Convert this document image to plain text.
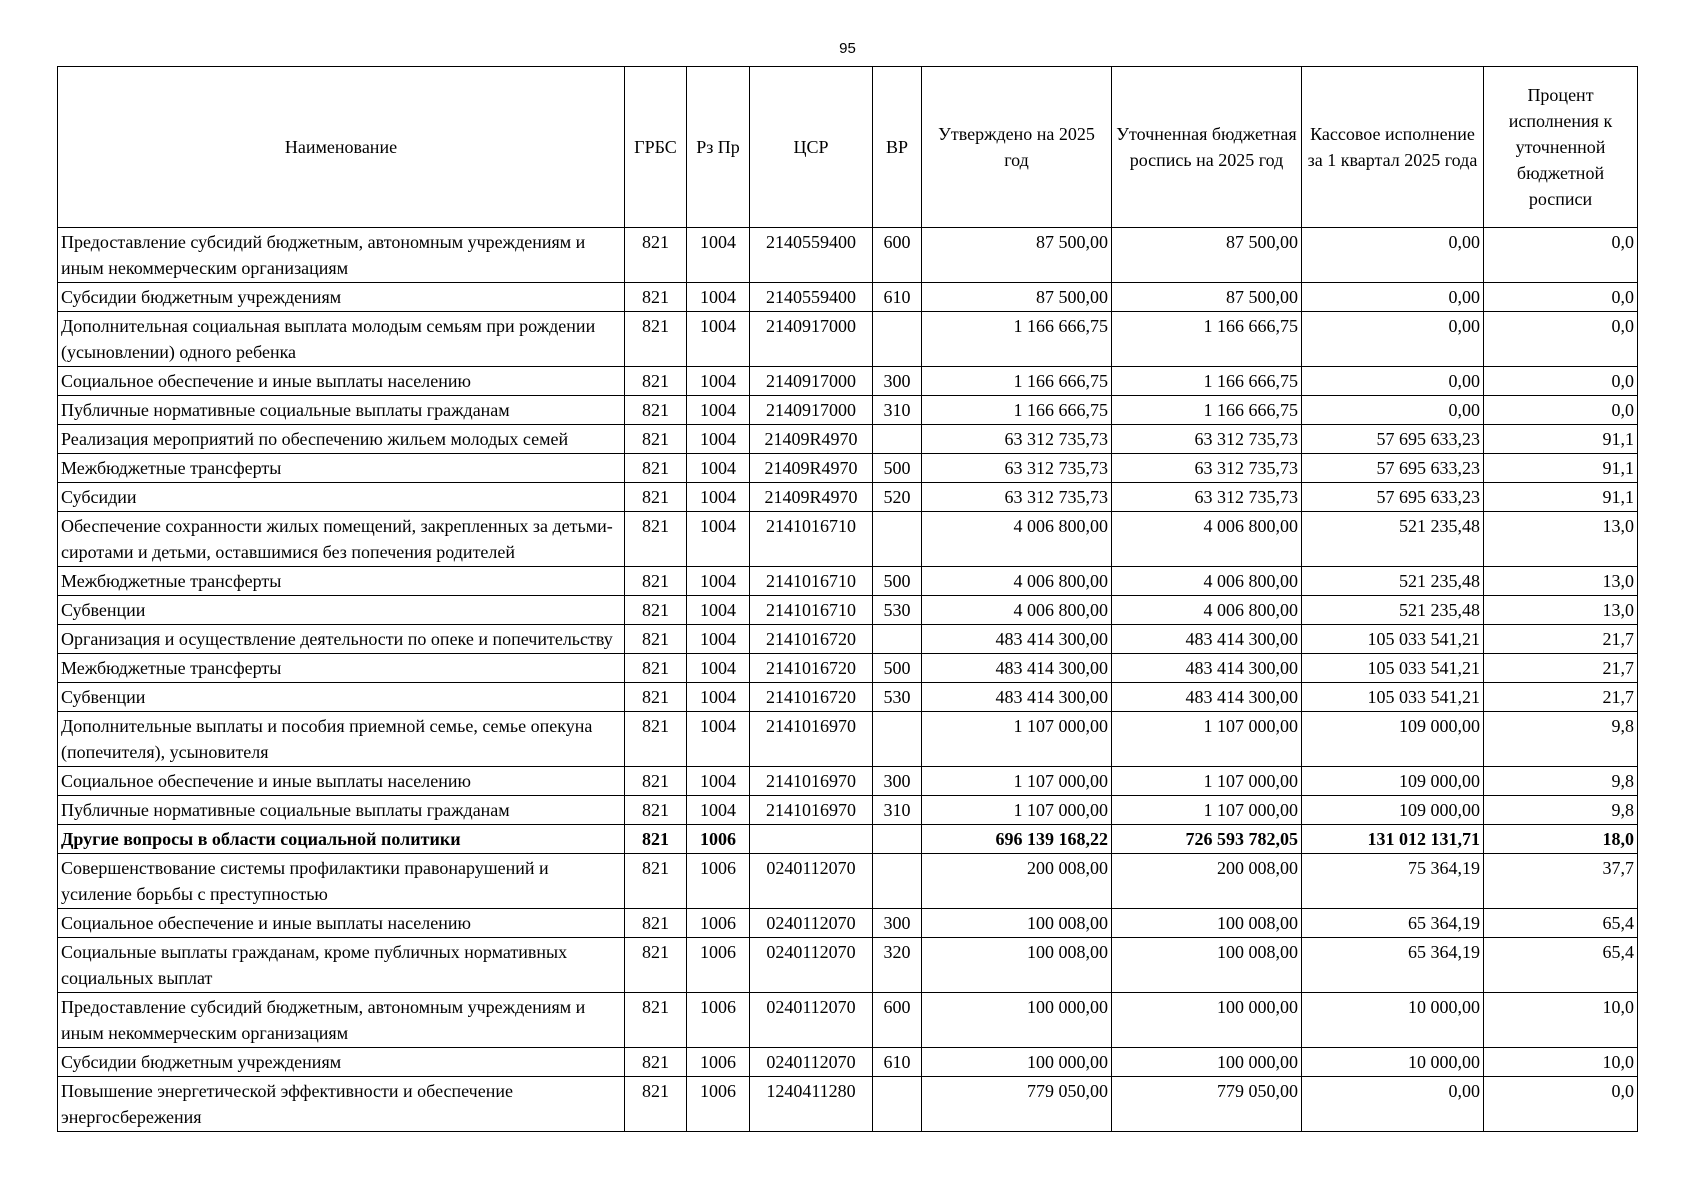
95
Наименование	ГРБС	Рз Пр	ЦСР	ВР	Утверждено на 2025 год	Уточненная бюджетная роспись на 2025 год	Кассовое исполнение за 1 квартал 2025 года	Процент исполнения к уточненной бюджетной росписи
Предоставление субсидий бюджетным, автономным учреждениям и иным некоммерческим организациям	821	1004	2140559400	600	87 500,00	87 500,00	0,00	0,0
Субсидии бюджетным учреждениям	821	1004	2140559400	610	87 500,00	87 500,00	0,00	0,0
Дополнительная социальная выплата молодым семьям при рождении (усыновлении) одного ребенка	821	1004	2140917000		1 166 666,75	1 166 666,75	0,00	0,0
Социальное обеспечение и иные выплаты населению	821	1004	2140917000	300	1 166 666,75	1 166 666,75	0,00	0,0
Публичные нормативные социальные выплаты гражданам	821	1004	2140917000	310	1 166 666,75	1 166 666,75	0,00	0,0
Реализация мероприятий по обеспечению жильем молодых семей	821	1004	21409R4970		63 312 735,73	63 312 735,73	57 695 633,23	91,1
Межбюджетные трансферты	821	1004	21409R4970	500	63 312 735,73	63 312 735,73	57 695 633,23	91,1
Субсидии	821	1004	21409R4970	520	63 312 735,73	63 312 735,73	57 695 633,23	91,1
Обеспечение сохранности жилых помещений, закрепленных за детьми-сиротами и детьми, оставшимися без попечения родителей	821	1004	2141016710		4 006 800,00	4 006 800,00	521 235,48	13,0
Межбюджетные трансферты	821	1004	2141016710	500	4 006 800,00	4 006 800,00	521 235,48	13,0
Субвенции	821	1004	2141016710	530	4 006 800,00	4 006 800,00	521 235,48	13,0
Организация и осуществление деятельности по опеке и попечительству	821	1004	2141016720		483 414 300,00	483 414 300,00	105 033 541,21	21,7
Межбюджетные трансферты	821	1004	2141016720	500	483 414 300,00	483 414 300,00	105 033 541,21	21,7
Субвенции	821	1004	2141016720	530	483 414 300,00	483 414 300,00	105 033 541,21	21,7
Дополнительные выплаты и пособия приемной семье, семье опекуна (попечителя), усыновителя	821	1004	2141016970		1 107 000,00	1 107 000,00	109 000,00	9,8
Социальное обеспечение и иные выплаты населению	821	1004	2141016970	300	1 107 000,00	1 107 000,00	109 000,00	9,8
Публичные нормативные социальные выплаты гражданам	821	1004	2141016970	310	1 107 000,00	1 107 000,00	109 000,00	9,8
Другие вопросы в области социальной политики	821	1006			696 139 168,22	726 593 782,05	131 012 131,71	18,0
Совершенствование системы профилактики правонарушений и усиление борьбы с преступностью	821	1006	0240112070		200 008,00	200 008,00	75 364,19	37,7
Социальное обеспечение и иные выплаты населению	821	1006	0240112070	300	100 008,00	100 008,00	65 364,19	65,4
Социальные выплаты гражданам, кроме публичных нормативных социальных выплат	821	1006	0240112070	320	100 008,00	100 008,00	65 364,19	65,4
Предоставление субсидий бюджетным, автономным учреждениям и иным некоммерческим организациям	821	1006	0240112070	600	100 000,00	100 000,00	10 000,00	10,0
Субсидии бюджетным учреждениям	821	1006	0240112070	610	100 000,00	100 000,00	10 000,00	10,0
Повышение энергетической эффективности и обеспечение энергосбережения	821	1006	1240411280		779 050,00	779 050,00	0,00	0,0
